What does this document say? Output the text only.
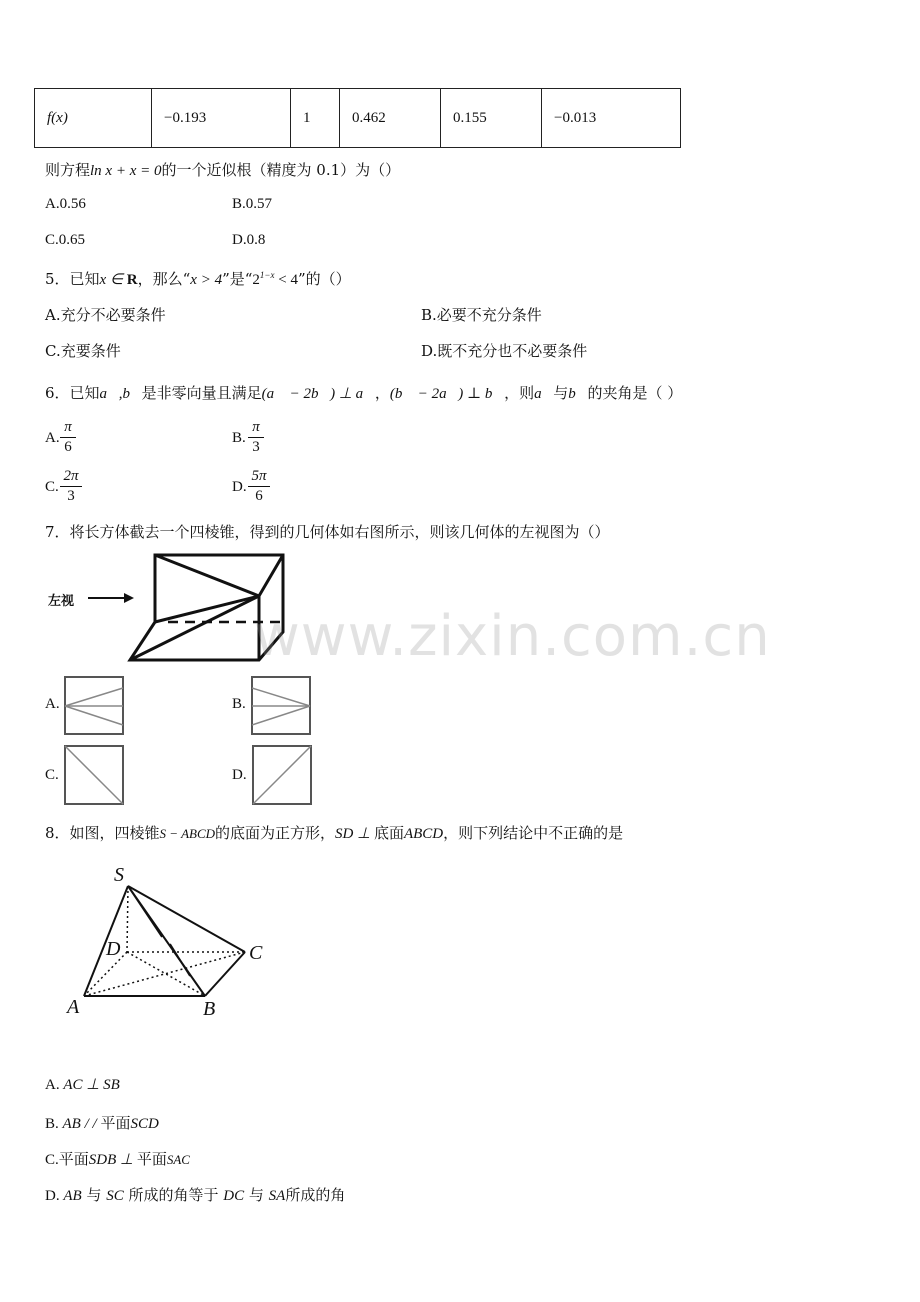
f(x)	−0.193	1	0.462	0.155	−0.013
则方程ln x + x = 0的一个近似根（精度为 0.1）为（）
A.0.56	B.0.57
C.0.65	D.0.8
5．已知x ∈ R，那么“x > 4”是“$2^{1-x} < 4$”的（）
A.充分不必要条件	B.必要不充分条件
C.充要条件	D.既不充分也不必要条件
6．已知a⃗,b⃗是非零向量且满足(a⃗ − 2b⃗) ⊥ a⃗，(b⃗ − 2a⃗) ⊥ b⃗，则a⃗与b⃗的夹角是（ ）
A.
π
6
B.
π
3
C.
2π
3
D.
5π
6
7．将长方体截去一个四棱锥，得到的几何体如右图所示，则该几何体的左视图为（）
左视
A.	B.
C.	D.
www.zixin.com.cn
8．如图，四棱锥S − ABCD的底面为正方形，SD ⊥ 底面ABCD，则下列结论中不正确的是
S
D	C
A	B
A. AC ⊥ SB
B. AB / / 平面SCD
C.平面SDB ⊥ 平面SAC
D. AB 与 SC 所成的角等于 DC 与 SA所成的角
